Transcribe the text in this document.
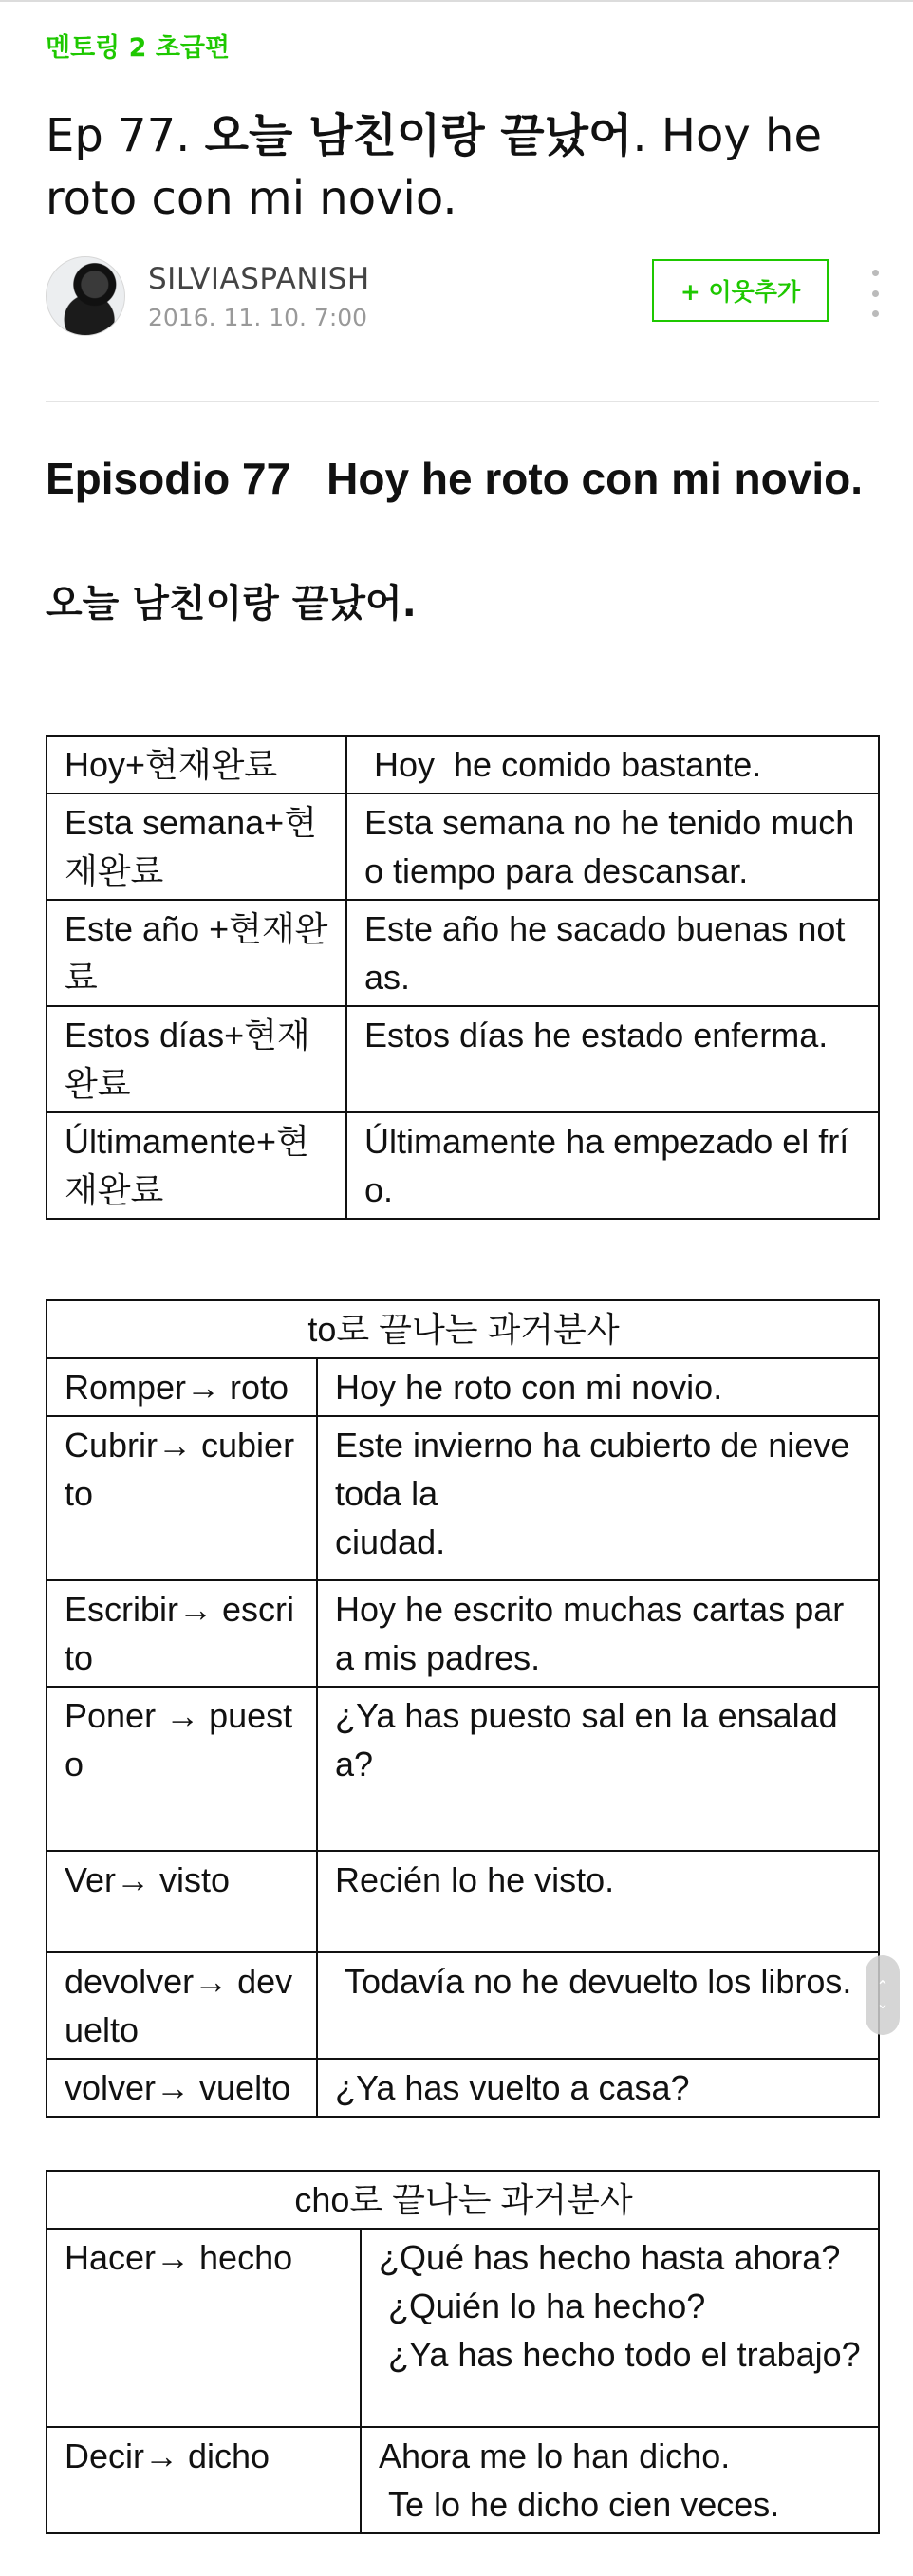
멘토링 2 초급편
Ep 77. 오늘 남친이랑 끝났어. Hoy he roto con mi novio.
SILVIASPANISH
2016. 11. 10. 7:00
+ 이웃추가
Episodio 77 Hoy he roto con mi novio.
오늘 남친이랑 끝났어.
Hoy+현재완료	Hoy  he comido bastante.
Esta semana+현재완료	Esta semana no he tenido mucho tiempo para descansar.
Este año +현재완료	Este año he sacado buenas notas.
Estos días+현재완료	Estos días he estado enferma.
Últimamente+현재완료	Últimamente ha empezado el frío.
to로 끝나는 과거분사	
Romper→ roto	Hoy he roto con mi novio.
Cubrir→ cubierto	Este invierno ha cubierto de nieve toda la
ciudad.
Escribir→ escrito	Hoy he escrito muchas cartas para mis padres.
Poner → puesto	¿Ya has puesto sal en la ensalada?
Ver→ visto	Recién lo he visto.
devolver→ devuelto	Todavía no he devuelto los libros.
volver→ vuelto	¿Ya has vuelto a casa?
cho로 끝나는 과거분사	
Hacer→ hecho	¿Qué has hecho hasta ahora?
¿Quién lo ha hecho?
¿Ya has hecho todo el trabajo?
Decir→ dicho	Ahora me lo han dicho.
Te lo he dicho cien veces.
⌃
⌄
